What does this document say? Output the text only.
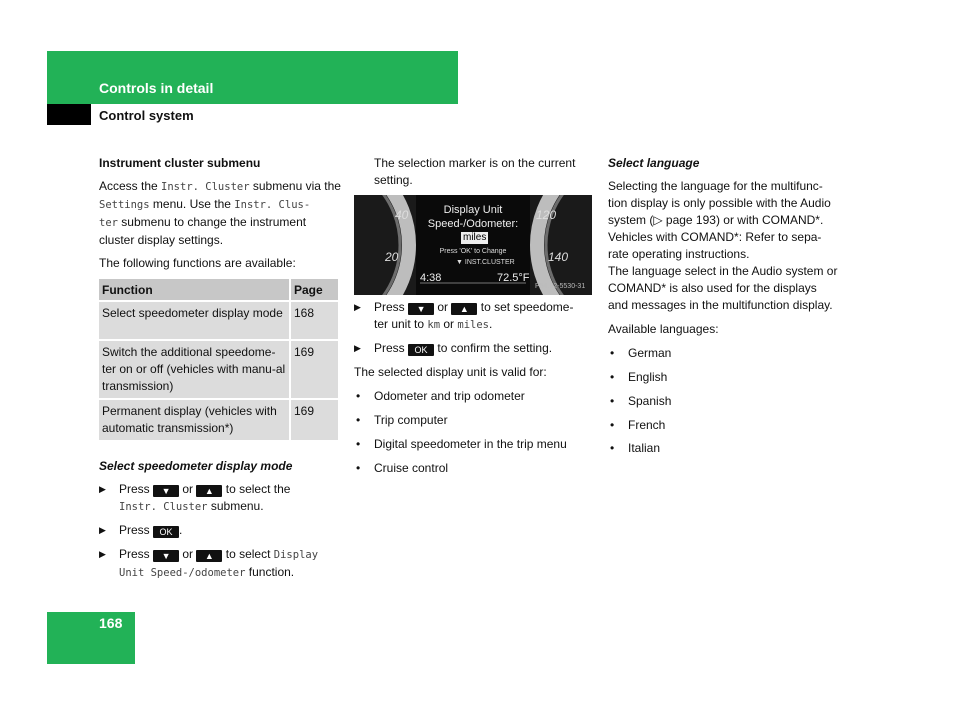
Controls in detail
Control system
168
Instrument cluster submenu
Access the Instr. Cluster submenu via the Settings menu. Use the Instr. Clus-
ter submenu to change the instrument cluster display settings.
The following functions are available:
Function	Page
Select speedometer display mode	168
Switch the additional speedome-ter on or off (vehicles with manu-al transmission)	169
Permanent display (vehicles with automatic transmission*)	169
Select speedometer display mode
▶ Press ▼ or ▲ to select the
Instr. Cluster submenu.
▶ Press OK .
▶ Press ▼ or ▲ to select Display
Unit Speed-/odometer function.
The selection marker is on the current setting.
40
20
120
140
Display Unit
Speed-/Odometer:
miles
Press 'OK' to Change
▼ INST.CLUSTER
4:38	72.5°F
P54.32-5530-31
▶ Press ▼ or ▲ to set speedome-
ter unit to km or miles.
▶ Press OK to confirm the setting.
The selected display unit is valid for:
• Odometer and trip odometer
• Trip computer
• Digital speedometer in the trip menu
• Cruise control
Select language
Selecting the language for the multifunc-
tion display is only possible with the Audio
system (▷ page 193) or with COMAND*.
Vehicles with COMAND*: Refer to sepa-
rate operating instructions.
The language select in the Audio system or
COMAND* is also used for the displays
and messages in the multifunction display.
Available languages:
• German
• English
• Spanish
• French
• Italian
